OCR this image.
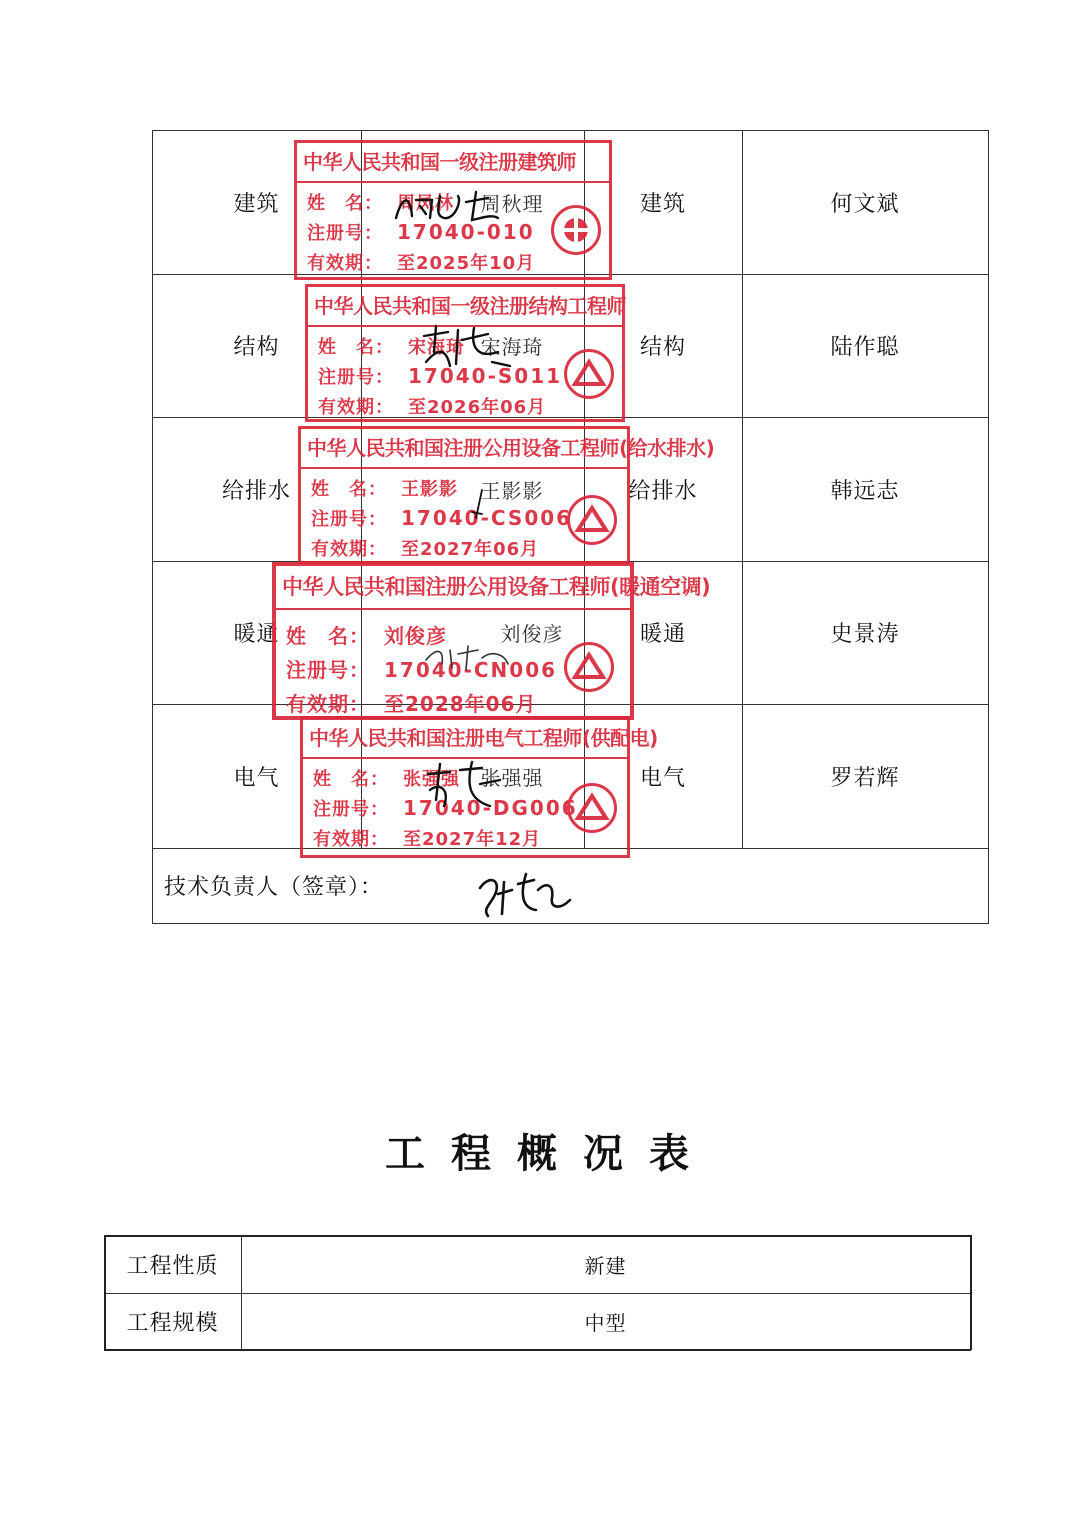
建筑	周秋理	建筑	何文斌
结构	宋海琦	结构	陆作聪
给排水	王影影	给排水	韩远志
暖通	刘俊彦	暖通	史景涛
电气	张强强	电气	罗若辉
技术负责人（签章）：
中华人民共和国一级注册建筑师
姓　名： 周凤林
注册号： 17040-010
有效期： 至2025年10月
中华人民共和国一级注册结构工程师
姓　名： 宋海琦
注册号： 17040-S011
有效期： 至2026年06月
中华人民共和国注册公用设备工程师(给水排水)
姓　名： 王影影
注册号： 17040-CS006
有效期： 至2027年06月
中华人民共和国注册公用设备工程师(暖通空调)
姓　名： 刘俊彦
注册号： 17040-CN006
有效期： 至2028年06月
中华人民共和国注册电气工程师(供配电)
姓　名： 张强强
注册号： 17040-DG006
有效期： 至2027年12月
工程概况表
工程性质	新建
工程规模	中型
